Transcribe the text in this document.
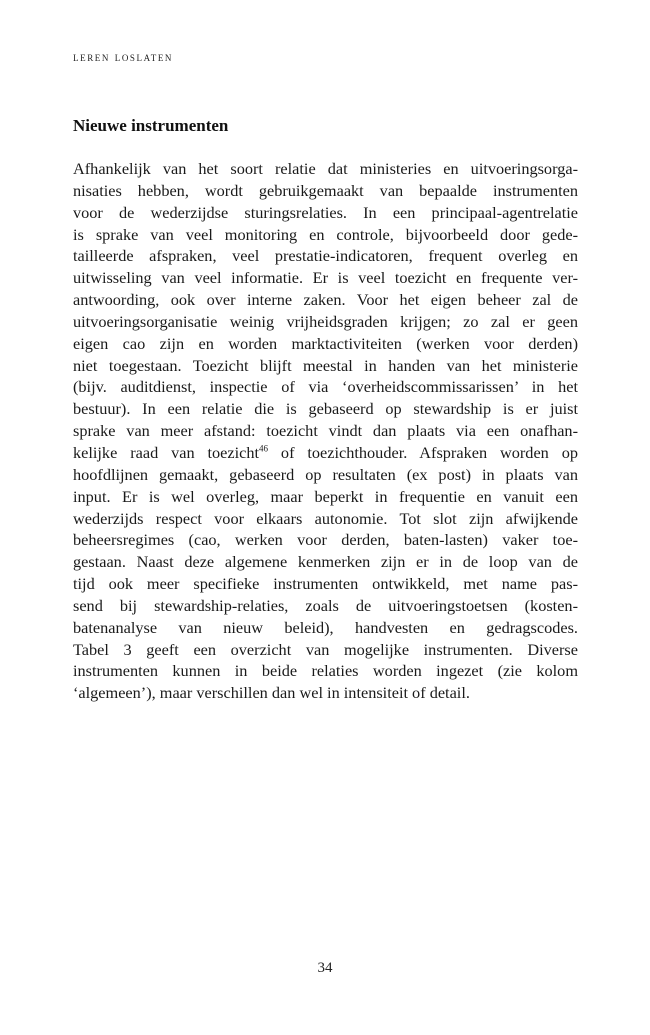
leren loslaten
Nieuwe instrumenten
Afhankelijk van het soort relatie dat ministeries en uitvoeringsorga-
nisaties hebben, wordt gebruikgemaakt van bepaalde instrumenten
voor de wederzijdse sturingsrelaties. In een principaal-agentrelatie
is sprake van veel monitoring en controle, bijvoorbeeld door gede-
tailleerde afspraken, veel prestatie-indicatoren, frequent overleg en
uitwisseling van veel informatie. Er is veel toezicht en frequente ver-
antwoording, ook over interne zaken. Voor het eigen beheer zal de
uitvoeringsorganisatie weinig vrijheidsgraden krijgen; zo zal er geen
eigen cao zijn en worden marktactiviteiten (werken voor derden)
niet toegestaan. Toezicht blijft meestal in handen van het ministerie
(bijv. auditdienst, inspectie of via ‘overheidscommissarissen’ in het
bestuur). In een relatie die is gebaseerd op stewardship is er juist
sprake van meer afstand: toezicht vindt dan plaats via een onafhan-
kelijke raad van toezicht$^{46}$ of toezichthouder. Afspraken worden op
hoofdlijnen gemaakt, gebaseerd op resultaten (ex post) in plaats van
input. Er is wel overleg, maar beperkt in frequentie en vanuit een
wederzijds respect voor elkaars autonomie. Tot slot zijn afwijkende
beheersregimes (cao, werken voor derden, baten-lasten) vaker toe-
gestaan. Naast deze algemene kenmerken zijn er in de loop van de
tijd ook meer specifieke instrumenten ontwikkeld, met name pas-
send bij stewardship-relaties, zoals de uitvoeringstoetsen (kosten-
batenanalyse van nieuw beleid), handvesten en gedragscodes.
Tabel 3 geeft een overzicht van mogelijke instrumenten. Diverse
instrumenten kunnen in beide relaties worden ingezet (zie kolom
‘algemeen’), maar verschillen dan wel in intensiteit of detail.
34
